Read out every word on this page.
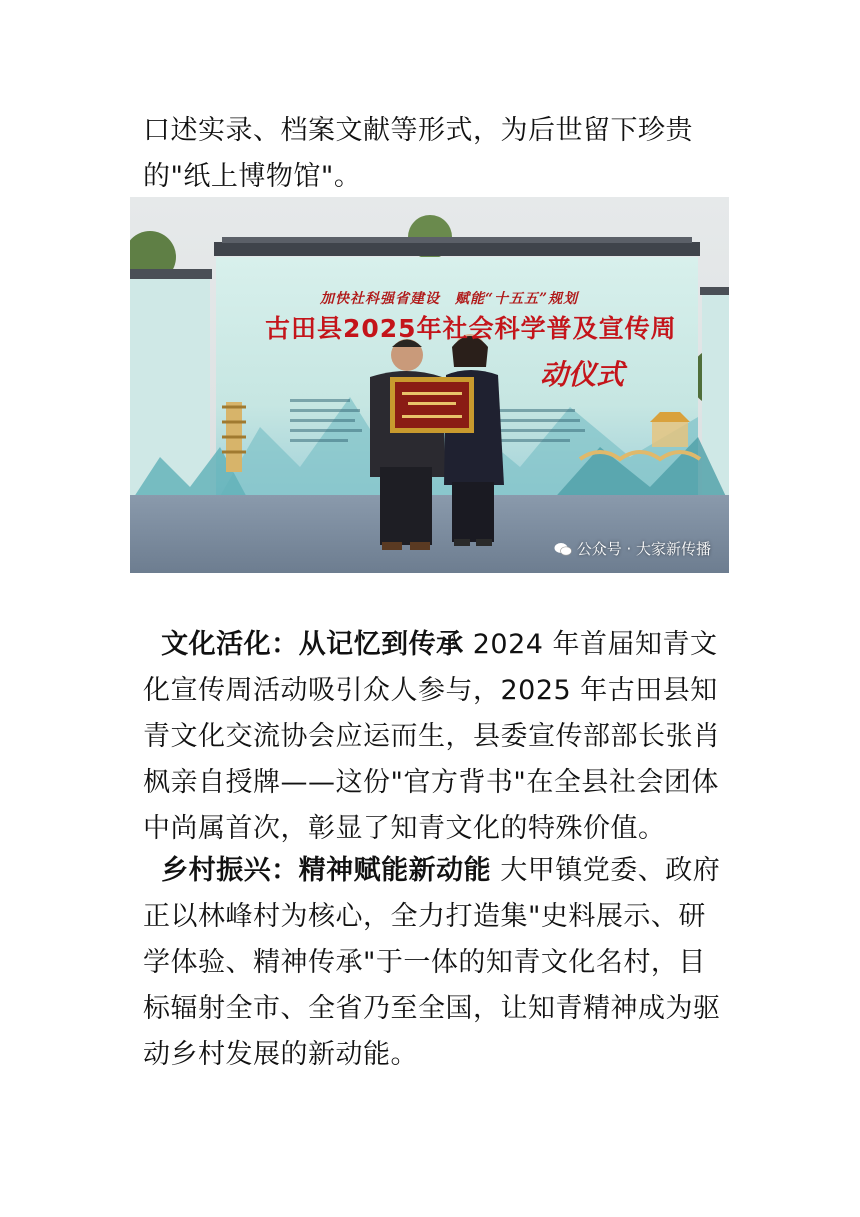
口述实录、档案文献等形式，为后世留下珍贵的"纸上博物馆"。

加快社科强省建设　赋能“十五五”规划
古田县2025年社会科学普及宣传周
动仪式
公众号 · 大家新传播

文化活化：从记忆到传承 2024 年首届知青文化宣传周活动吸引众人参与，2025 年古田县知青文化交流协会应运而生，县委宣传部部长张肖枫亲自授牌——这份"官方背书"在全县社会团体中尚属首次，彰显了知青文化的特殊价值。

乡村振兴：精神赋能新动能 大甲镇党委、政府正以林峰村为核心，全力打造集"史料展示、研学体验、精神传承"于一体的知青文化名村，目标辐射全市、全省乃至全国，让知青精神成为驱动乡村发展的新动能。
